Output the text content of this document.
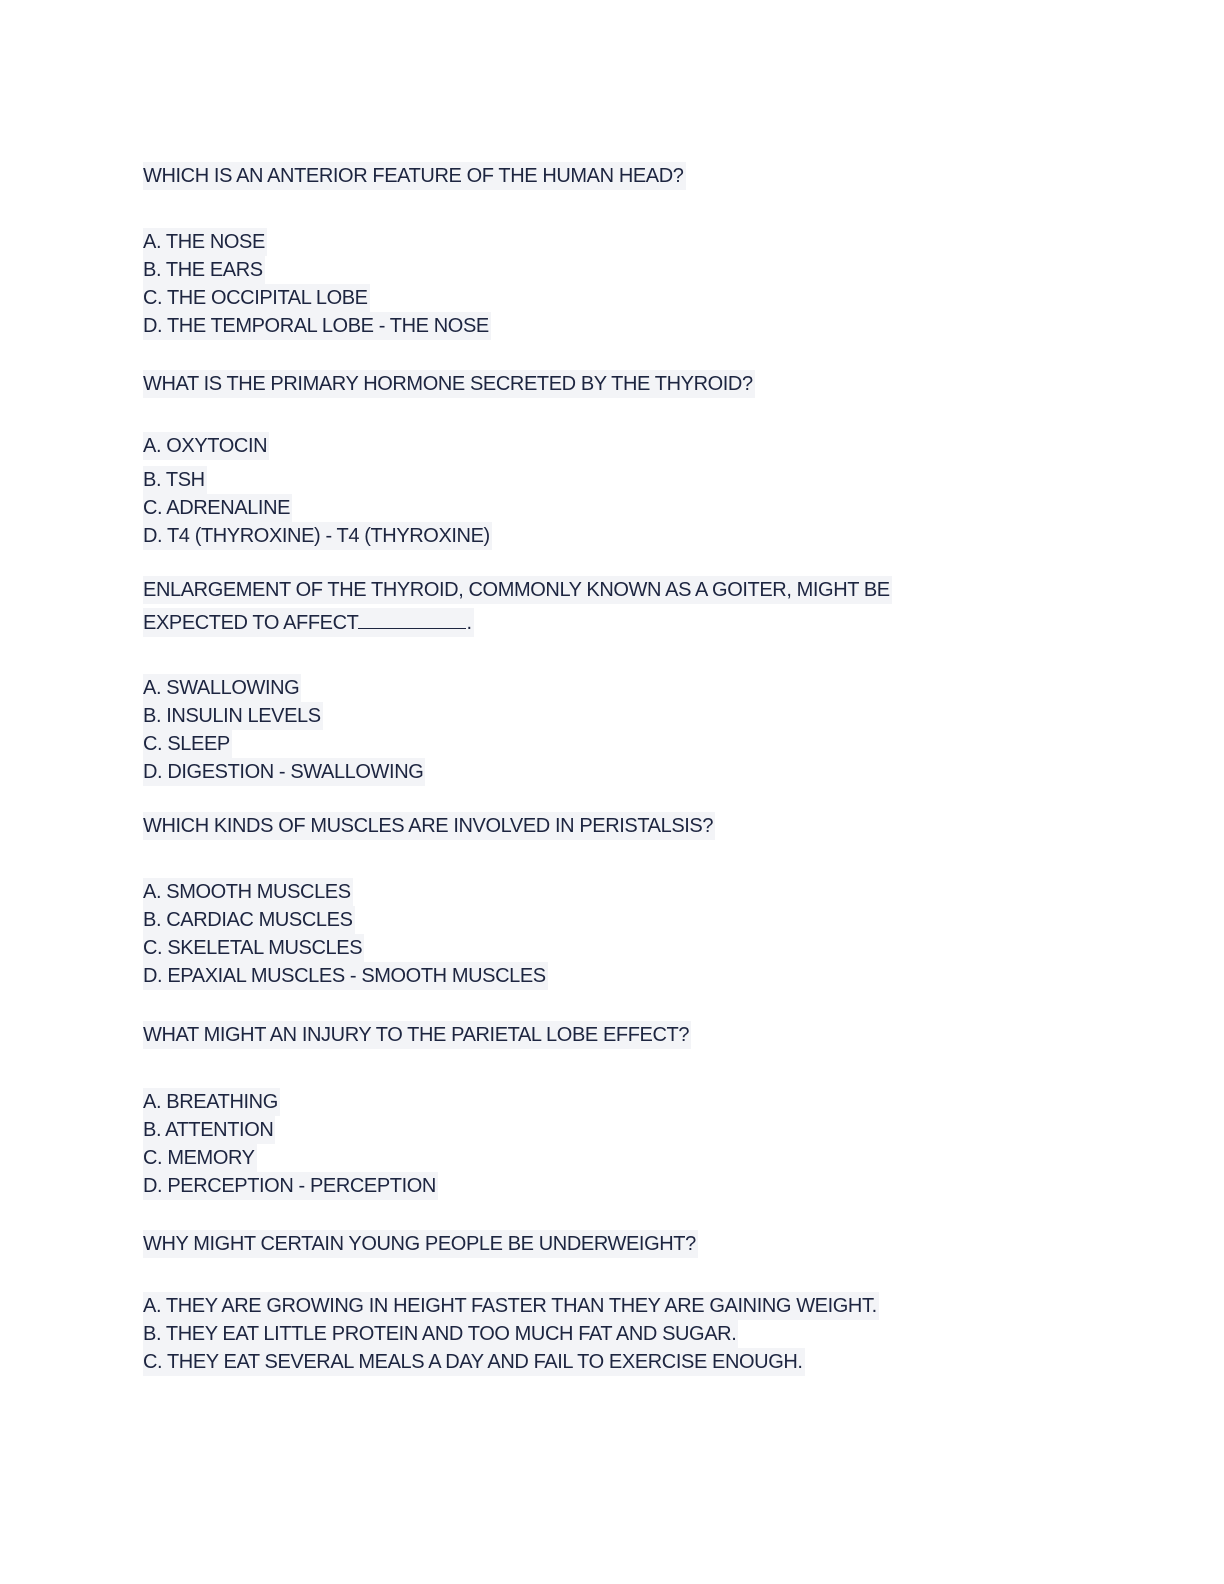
WHICH IS AN ANTERIOR FEATURE OF THE HUMAN HEAD?
A. THE NOSE
B. THE EARS
C. THE OCCIPITAL LOBE
D. THE TEMPORAL LOBE - THE NOSE
WHAT IS THE PRIMARY HORMONE SECRETED BY THE THYROID?
A. OXYTOCIN
B. TSH
C. ADRENALINE
D. T4 (THYROXINE) - T4 (THYROXINE)
ENLARGEMENT OF THE THYROID, COMMONLY KNOWN AS A GOITER, MIGHT BE
EXPECTED TO AFFECT	.
A. SWALLOWING
B. INSULIN LEVELS
C. SLEEP
D. DIGESTION - SWALLOWING
WHICH KINDS OF MUSCLES ARE INVOLVED IN PERISTALSIS?
A. SMOOTH MUSCLES
B. CARDIAC MUSCLES
C. SKELETAL MUSCLES
D. EPAXIAL MUSCLES - SMOOTH MUSCLES
WHAT MIGHT AN INJURY TO THE PARIETAL LOBE EFFECT?
A. BREATHING
B. ATTENTION
C. MEMORY
D. PERCEPTION - PERCEPTION
WHY MIGHT CERTAIN YOUNG PEOPLE BE UNDERWEIGHT?
A. THEY ARE GROWING IN HEIGHT FASTER THAN THEY ARE GAINING WEIGHT.
B. THEY EAT LITTLE PROTEIN AND TOO MUCH FAT AND SUGAR.
C. THEY EAT SEVERAL MEALS A DAY AND FAIL TO EXERCISE ENOUGH.
